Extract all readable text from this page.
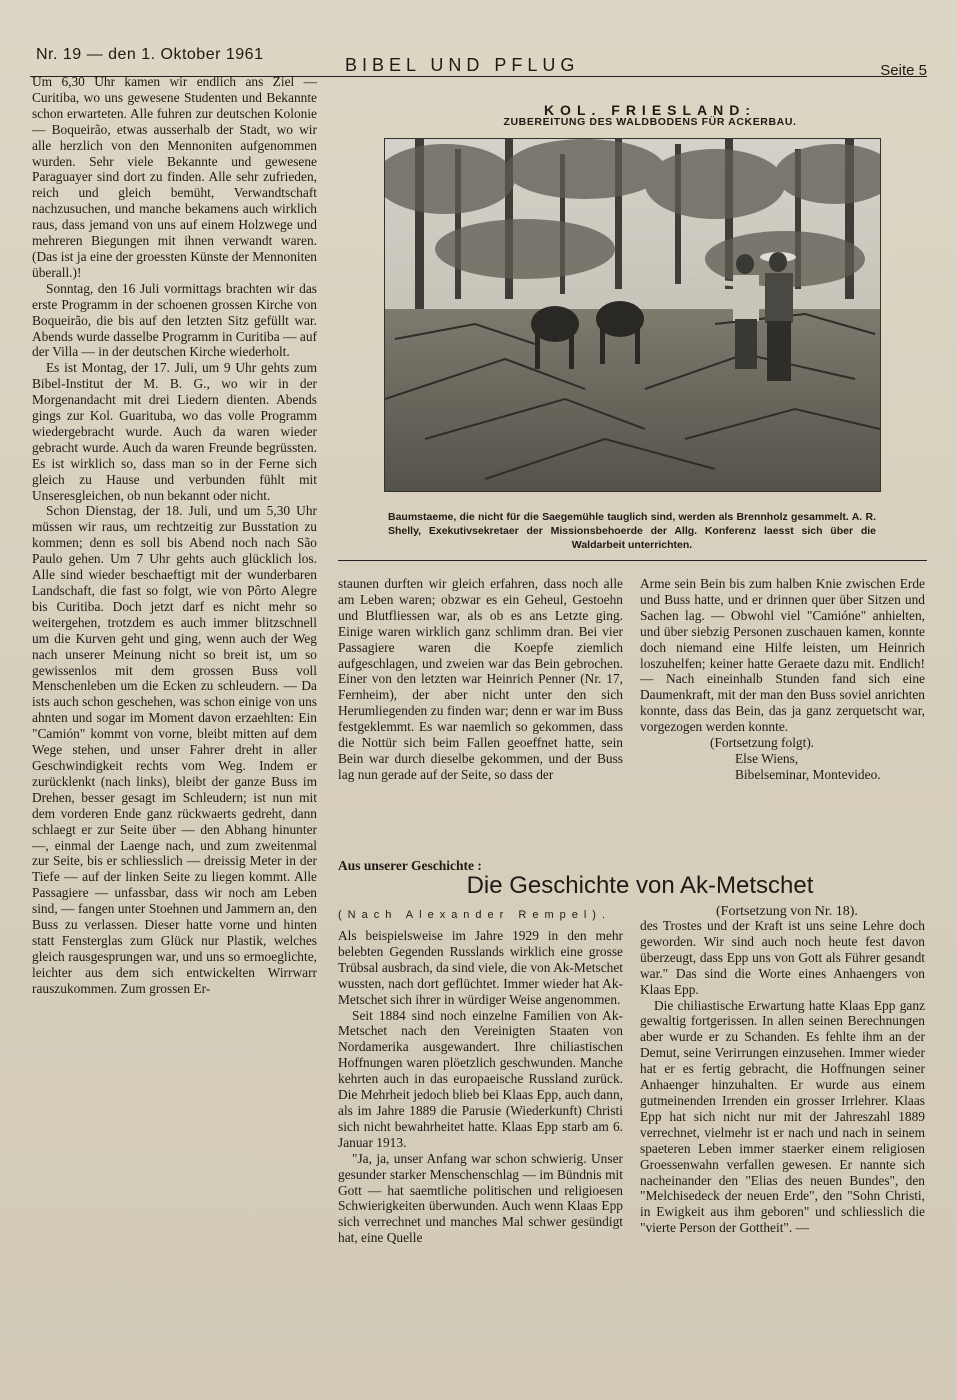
Nr. 19 — den 1. Oktober 1961
BIBEL UND PFLUG	Seite 5

Um 6,30 Uhr kamen wir endlich ans Ziel — Curitiba, wo uns gewesene Studenten und Bekannte schon erwarteten. Alle fuhren zur deutschen Kolonie — Boqueirão, etwas ausserhalb der Stadt, wo wir alle herzlich von den Mennoniten aufgenommen wurden. Sehr viele Bekannte und gewesene Paraguayer sind dort zu finden. Alle sehr zufrieden, reich und gleich bemüht, Verwandtschaft nachzusuchen, und manche bekamens auch wirklich raus, dass jemand von uns auf einem Holzwege und mehreren Biegungen mit ihnen verwandt waren. (Das ist ja eine der groessten Künste der Mennoniten überall.)!

Sonntag, den 16 Juli vormittags brachten wir das erste Programm in der schoenen grossen Kirche von Boqueirão, die bis auf den letzten Sitz gefüllt war. Abends wurde dasselbe Programm in Curitiba — auf der Villa — in der deutschen Kirche wiederholt.

Es ist Montag, der 17. Juli, um 9 Uhr gehts zum Bibel-Institut der M. B. G., wo wir in der Morgenandacht mit drei Liedern dienten. Abends gings zur Kol. Guarituba, wo das volle Programm wiedergebracht wurde. Auch da waren wieder gebracht wurde. Auch da waren Freunde begrüssten. Es ist wirklich so, dass man so in der Ferne sich gleich zu Hause und verbunden fühlt mit Unseresgleichen, ob nun bekannt oder nicht.

Schon Dienstag, der 18. Juli, und um 5,30 Uhr müssen wir raus, um rechtzeitig zur Busstation zu kommen; denn es soll bis Abend noch nach São Paulo gehen. Um 7 Uhr gehts auch glücklich los. Alle sind wieder beschaeftigt mit der wunderbaren Landschaft, die fast so folgt, wie von Pôrto Alegre bis Curitiba. Doch jetzt darf es nicht mehr so weitergehen, trotzdem es auch immer blitzschnell um die Kurven geht und ging, wenn auch der Weg nach unserer Meinung nicht so breit ist, um so gewissenlos mit dem grossen Buss voll Menschenleben um die Ecken zu schleudern. — Da ists auch schon geschehen, was schon einige von uns ahnten und sogar im Moment davon erzaehlten: Ein "Camión" kommt von vorne, bleibt mitten auf dem Wege stehen, und unser Fahrer dreht in aller Geschwindigkeit rechts vom Weg. Indem er zurücklenkt (nach links), bleibt der ganze Buss im Drehen, besser gesagt im Schleudern; ist nun mit dem vorderen Ende ganz rückwaerts gedreht, dann schlaegt er zur Seite über — den Abhang hinunter —, einmal der Laenge nach, und zum zweitenmal zur Seite, bis er schliesslich — dreissig Meter in der Tiefe — auf der linken Seite zu liegen kommt. Alle Passagiere — unfassbar, dass wir noch am Leben sind, — fangen unter Stoehnen und Jammern an, den Buss zu verlassen. Dieser hatte vorne und hinten statt Fensterglas zum Glück nur Plastik, welches gleich rausgesprungen war, und uns so ermoeglichte, leichter aus dem sich entwickelten Wirrwarr rauszukommen. Zum grossen Er-

KOL. FRIESLAND:
ZUBEREITUNG DES WALDBODENS FÜR ACKERBAU.
Baumstaeme, die nicht für die Saegemühle tauglich sind, werden als Brennholz gesammelt. A. R. Shelly, Exekutivsekretaer der Missionsbehoerde der Allg. Konferenz laesst sich über die Waldarbeit unterrichten.

staunen durften wir gleich erfahren, dass noch alle am Leben waren; obzwar es ein Geheul, Gestoehn und Blutfliessen war, als ob es ans Letzte ging. Einige waren wirklich ganz schlimm dran. Bei vier Passagiere waren die Koepfe ziemlich aufgeschlagen, und zweien war das Bein gebrochen. Einer von den letzten war Heinrich Penner (Nr. 17, Fernheim), der aber nicht unter den sich Herumliegenden zu finden war; denn er war im Buss festgeklemmt. Es war naemlich so gekommen, dass die Nottür sich beim Fallen geoeffnet hatte, sein Bein war durch dieselbe gekommen, und der Buss lag nun gerade auf der Seite, so dass der

Arme sein Bein bis zum halben Knie zwischen Erde und Buss hatte, und er drinnen quer über Sitzen und Sachen lag. — Obwohl viel "Camióne" anhielten, und über siebzig Personen zuschauen kamen, konnte doch niemand eine Hilfe leisten, um Heinrich loszuhelfen; keiner hatte Geraete dazu mit. Endlich! — Nach eineinhalb Stunden fand sich eine Daumenkraft, mit der man den Buss soviel anrichten konnte, dass das Bein, das ja ganz zerquetscht war, vorgezogen werden konnte.

(Fortsetzung folgt).

Else Wiens,

Bibelseminar, Montevideo.

Aus unserer Geschichte :
Die Geschichte von Ak-Metschet
(Nach Alexander Rempel).	(Fortsetzung von Nr. 18).

Als beispielsweise im Jahre 1929 in den mehr belebten Gegenden Russlands wirklich eine grosse Trübsal ausbrach, da sind viele, die von Ak-Metschet wussten, nach dort geflüchtet. Immer wieder hat Ak-Metschet sich ihrer in würdiger Weise angenommen.

Seit 1884 sind noch einzelne Familien von Ak-Metschet nach den Vereinigten Staaten von Nordamerika ausgewandert. Ihre chiliastischen Hoffnungen waren plöetzlich geschwunden. Manche kehrten auch in das europaeische Russland zurück. Die Mehrheit jedoch blieb bei Klaas Epp, auch dann, als im Jahre 1889 die Parusie (Wiederkunft) Christi sich nicht bewahrheitet hatte. Klaas Epp starb am 6. Januar 1913.

"Ja, ja, unser Anfang war schon schwierig. Unser gesunder starker Menschenschlag — im Bündnis mit Gott — hat saemtliche politischen und religioesen Schwierigkeiten überwunden. Auch wenn Klaas Epp sich verrechnet und manches Mal schwer gesündigt hat, eine Quelle

des Trostes und der Kraft ist uns seine Lehre doch geworden. Wir sind auch noch heute fest davon überzeugt, dass Epp uns von Gott als Führer gesandt war." Das sind die Worte eines Anhaengers von Klaas Epp.

Die chiliastische Erwartung hatte Klaas Epp ganz gewaltig fortgerissen. In allen seinen Berechnungen aber wurde er zu Schanden. Es fehlte ihm an der Demut, seine Verirrungen einzusehen. Immer wieder hat er es fertig gebracht, die Hoffnungen seiner Anhaenger hinzuhalten. Er wurde aus einem gutmeinenden Irrenden ein grosser Irrlehrer. Klaas Epp hat sich nicht nur mit der Jahreszahl 1889 verrechnet, vielmehr ist er nach und nach in seinem spaeteren Leben immer staerker einem religiosen Groessenwahn verfallen gewesen. Er nannte sich nacheinander den "Elias des neuen Bundes", den "Melchisedeck der neuen Erde", den "Sohn Christi, in Ewigkeit aus ihm geboren" und schliesslich die "vierte Person der Gottheit". —
